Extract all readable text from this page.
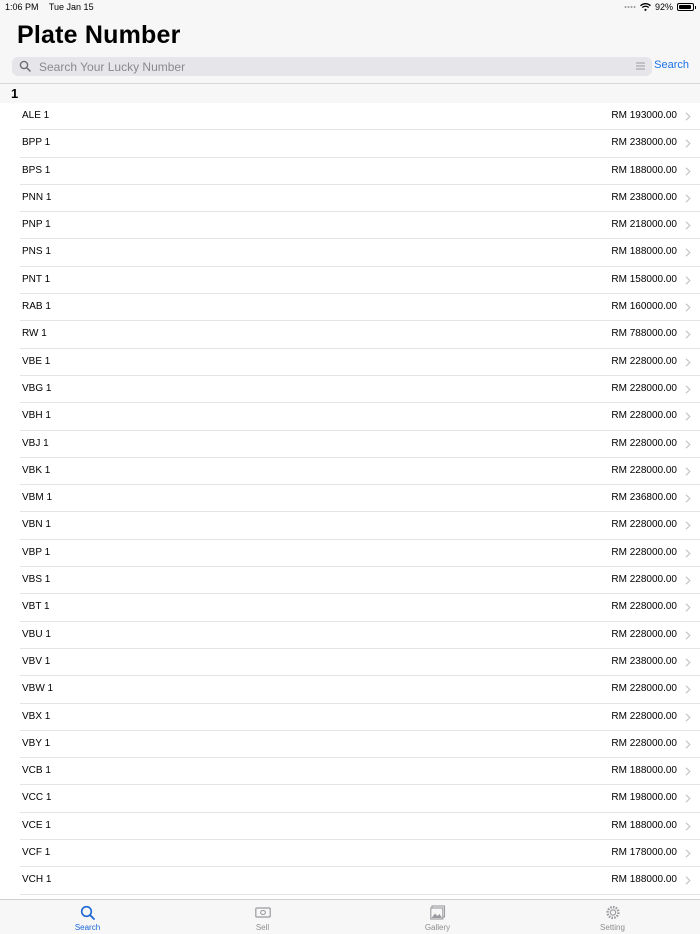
1:06 PM Tue Jan 15	92%
Plate Number
Search Your Lucky Number
Search
1
ALE 1	RM 193000.00
BPP 1	RM 238000.00
BPS 1	RM 188000.00
PNN 1	RM 238000.00
PNP 1	RM 218000.00
PNS 1	RM 188000.00
PNT 1	RM 158000.00
RAB 1	RM 160000.00
RW 1	RM 788000.00
VBE 1	RM 228000.00
VBG 1	RM 228000.00
VBH 1	RM 228000.00
VBJ 1	RM 228000.00
VBK 1	RM 228000.00
VBM 1	RM 236800.00
VBN 1	RM 228000.00
VBP 1	RM 228000.00
VBS 1	RM 228000.00
VBT 1	RM 228000.00
VBU 1	RM 228000.00
VBV 1	RM 238000.00
VBW 1	RM 228000.00
VBX 1	RM 228000.00
VBY 1	RM 228000.00
VCB 1	RM 188000.00
VCC 1	RM 198000.00
VCE 1	RM 188000.00
VCF 1	RM 178000.00
VCH 1	RM 188000.00
Search	Sell	Gallery	Setting
